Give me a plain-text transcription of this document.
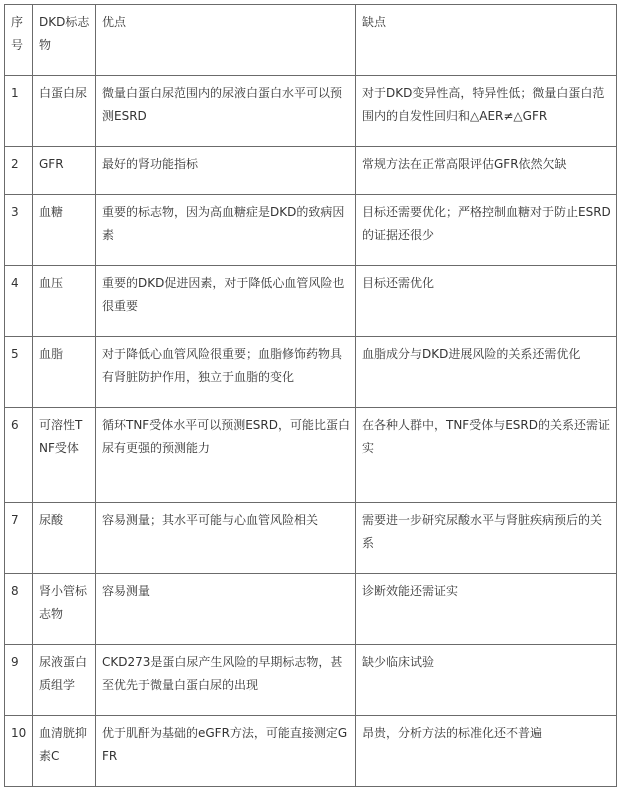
序号	DKD标志物	优点	缺点
1	白蛋白尿	微量白蛋白尿范围内的尿液白蛋白水平可以预测ESRD	对于DKD变异性高，特异性低；微量白蛋白范围内的自发性回归和△AER≠△GFR
2	GFR	最好的肾功能指标	常规方法在正常高限评估GFR依然欠缺
3	血糖	重要的标志物，因为高血糖症是DKD的致病因素	目标还需要优化；严格控制血糖对于防止ESRD的证据还很少
4	血压	重要的DKD促进因素，对于降低心血管风险也很重要	目标还需优化
5	血脂	对于降低心血管风险很重要；血脂修饰药物具有肾脏防护作用，独立于血脂的变化	血脂成分与DKD进展风险的关系还需优化
6	可溶性TNF受体	循环TNF受体水平可以预测ESRD，可能比蛋白尿有更强的预测能力	在各种人群中，TNF受体与ESRD的关系还需证实
7	尿酸	容易测量；其水平可能与心血管风险相关	需要进一步研究尿酸水平与肾脏疾病预后的关系
8	肾小管标志物	容易测量	诊断效能还需证实
9	尿液蛋白质组学	CKD273是蛋白尿产生风险的早期标志物，甚至优先于微量白蛋白尿的出现	缺少临床试验
10	血清胱抑素C	优于肌酐为基础的eGFR方法，可能直接测定GFR	昂贵，分析方法的标准化还不普遍
